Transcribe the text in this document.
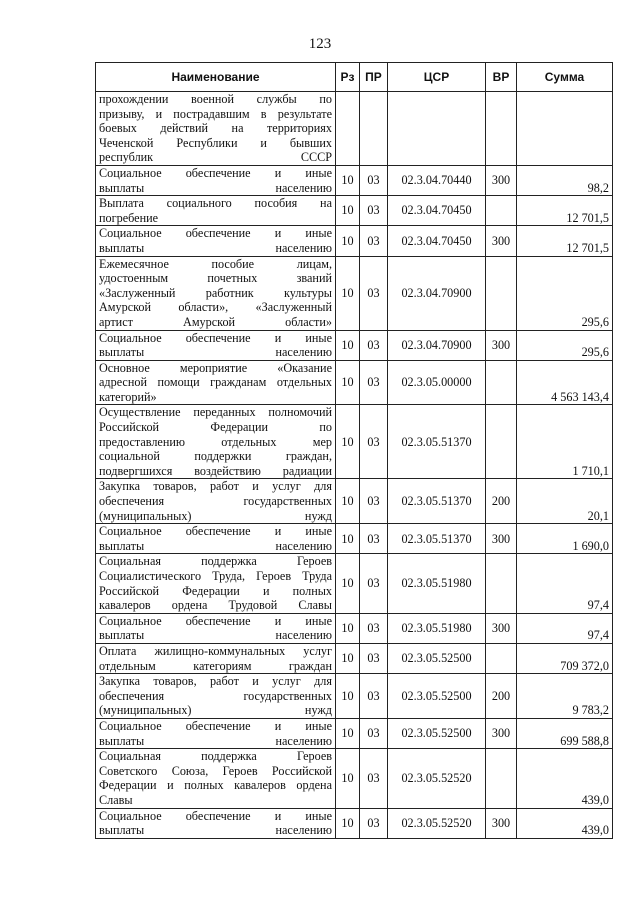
123
Наименование	Рз	ПР	ЦСР	ВР	Сумма

прохождении военной службы по
призыву, и пострадавшим в результате
боевых действий на территориях
Чеченской Республики и бывших
республик СССР					

Социальное обеспечение и иные
выплаты населению	10	03	02.3.04.70440	300	98,2

Выплата социального пособия на
погребение	10	03	02.3.04.70450		12 701,5

Социальное обеспечение и иные
выплаты населению	10	03	02.3.04.70450	300	12 701,5

Ежемесячное пособие лицам,
удостоенным почетных званий
«Заслуженный работник культуры
Амурской области», «Заслуженный
артист Амурской области»	10	03	02.3.04.70900		295,6

Социальное обеспечение и иные
выплаты населению	10	03	02.3.04.70900	300	295,6

Основное мероприятие «Оказание
адресной помощи гражданам отдельных
категорий»	10	03	02.3.05.00000		4 563 143,4

Осуществление переданных полномочий
Российской Федерации по
предоставлению отдельных мер
социальной поддержки граждан,
подвергшихся воздействию радиации	10	03	02.3.05.51370		1 710,1

Закупка товаров, работ и услуг для
обеспечения государственных
(муниципальных) нужд	10	03	02.3.05.51370	200	20,1

Социальное обеспечение и иные
выплаты населению	10	03	02.3.05.51370	300	1 690,0

Социальная поддержка Героев
Социалистического Труда, Героев Труда
Российской Федерации и полных
кавалеров ордена Трудовой Славы	10	03	02.3.05.51980		97,4

Социальное обеспечение и иные
выплаты населению	10	03	02.3.05.51980	300	97,4

Оплата жилищно-коммунальных услуг
отдельным категориям граждан	10	03	02.3.05.52500		709 372,0

Закупка товаров, работ и услуг для
обеспечения государственных
(муниципальных) нужд	10	03	02.3.05.52500	200	9 783,2

Социальное обеспечение и иные
выплаты населению	10	03	02.3.05.52500	300	699 588,8

Социальная поддержка Героев
Советского Союза, Героев Российской
Федерации и полных кавалеров ордена
Славы	10	03	02.3.05.52520		439,0

Социальное обеспечение и иные
выплаты населению	10	03	02.3.05.52520	300	439,0
